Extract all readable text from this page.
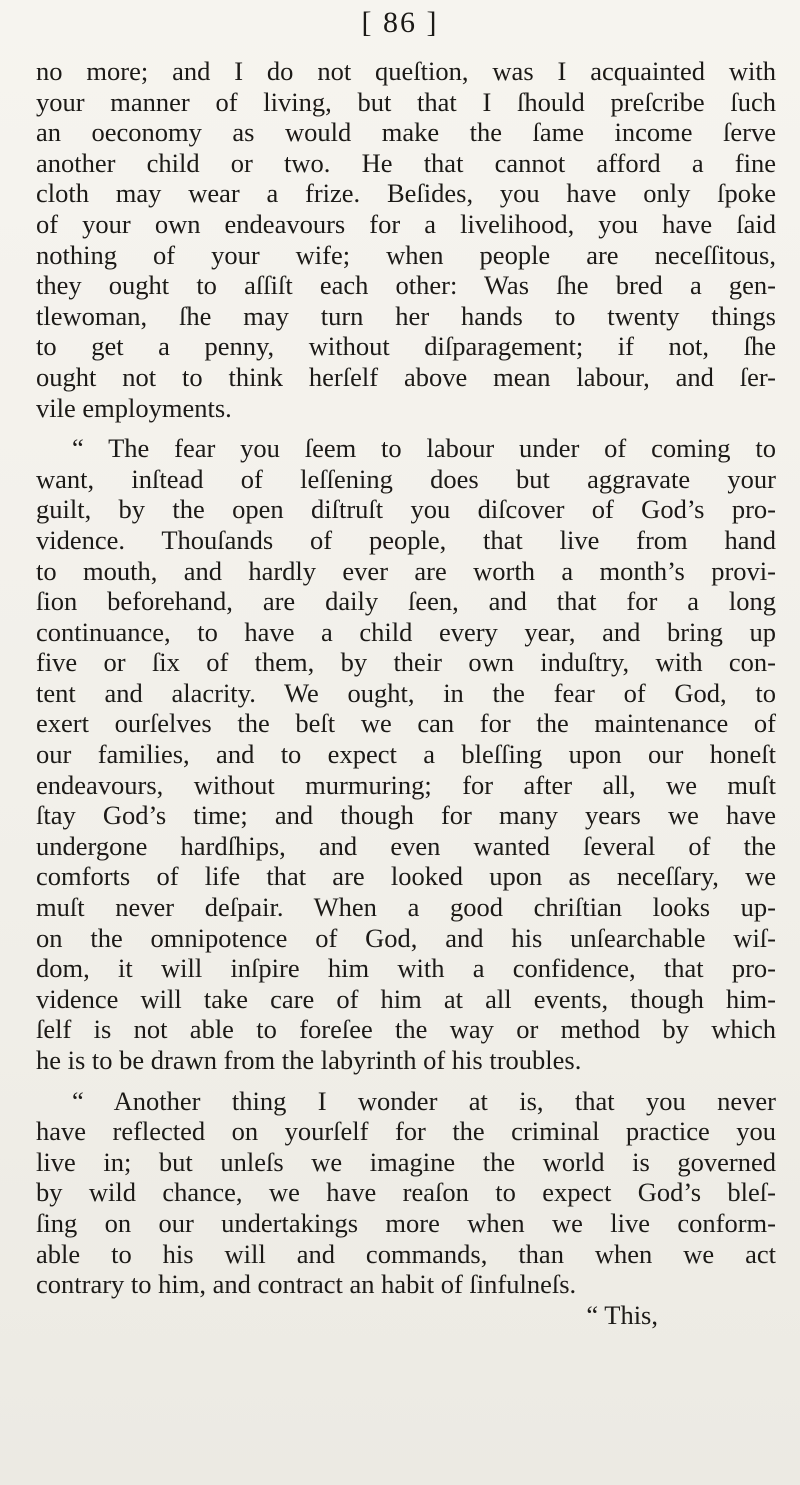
[ 86 ]
no more; and I do not queſtion, was I acquainted with
your manner of living, but that I ſhould preſcribe ſuch
an oeconomy as would make the ſame income ſerve
another child or two. He that cannot afford a fine
cloth may wear a frize. Beſides, you have only ſpoke
of your own endeavours for a livelihood, you have ſaid
nothing of your wife; when people are neceſſitous,
they ought to aſſiſt each other: Was ſhe bred a gen-
tlewoman, ſhe may turn her hands to twenty things
to get a penny, without diſparagement; if not, ſhe
ought not to think herſelf above mean labour, and ſer-
vile employments.
“ The fear you ſeem to labour under of coming to
want, inſtead of leſſening does but aggravate your
guilt, by the open diſtruſt you diſcover of God’s pro-
vidence. Thouſands of people, that live from hand
to mouth, and hardly ever are worth a month’s provi-
ſion beforehand, are daily ſeen, and that for a long
continuance, to have a child every year, and bring up
five or ſix of them, by their own induſtry, with con-
tent and alacrity. We ought, in the fear of God, to
exert ourſelves the beſt we can for the maintenance of
our families, and to expect a bleſſing upon our honeſt
endeavours, without murmuring; for after all, we muſt
ſtay God’s time; and though for many years we have
undergone hardſhips, and even wanted ſeveral of the
comforts of life that are looked upon as neceſſary, we
muſt never deſpair. When a good chriſtian looks up-
on the omnipotence of God, and his unſearchable wiſ-
dom, it will inſpire him with a confidence, that pro-
vidence will take care of him at all events, though him-
ſelf is not able to foreſee the way or method by which
he is to be drawn from the labyrinth of his troubles.
“ Another thing I wonder at is, that you never
have reflected on yourſelf for the criminal practice you
live in; but unleſs we imagine the world is governed
by wild chance, we have reaſon to expect God’s bleſ-
ſing on our undertakings more when we live conform-
able to his will and commands, than when we act
contrary to him, and contract an habit of ſinfulneſs.
“ This,
